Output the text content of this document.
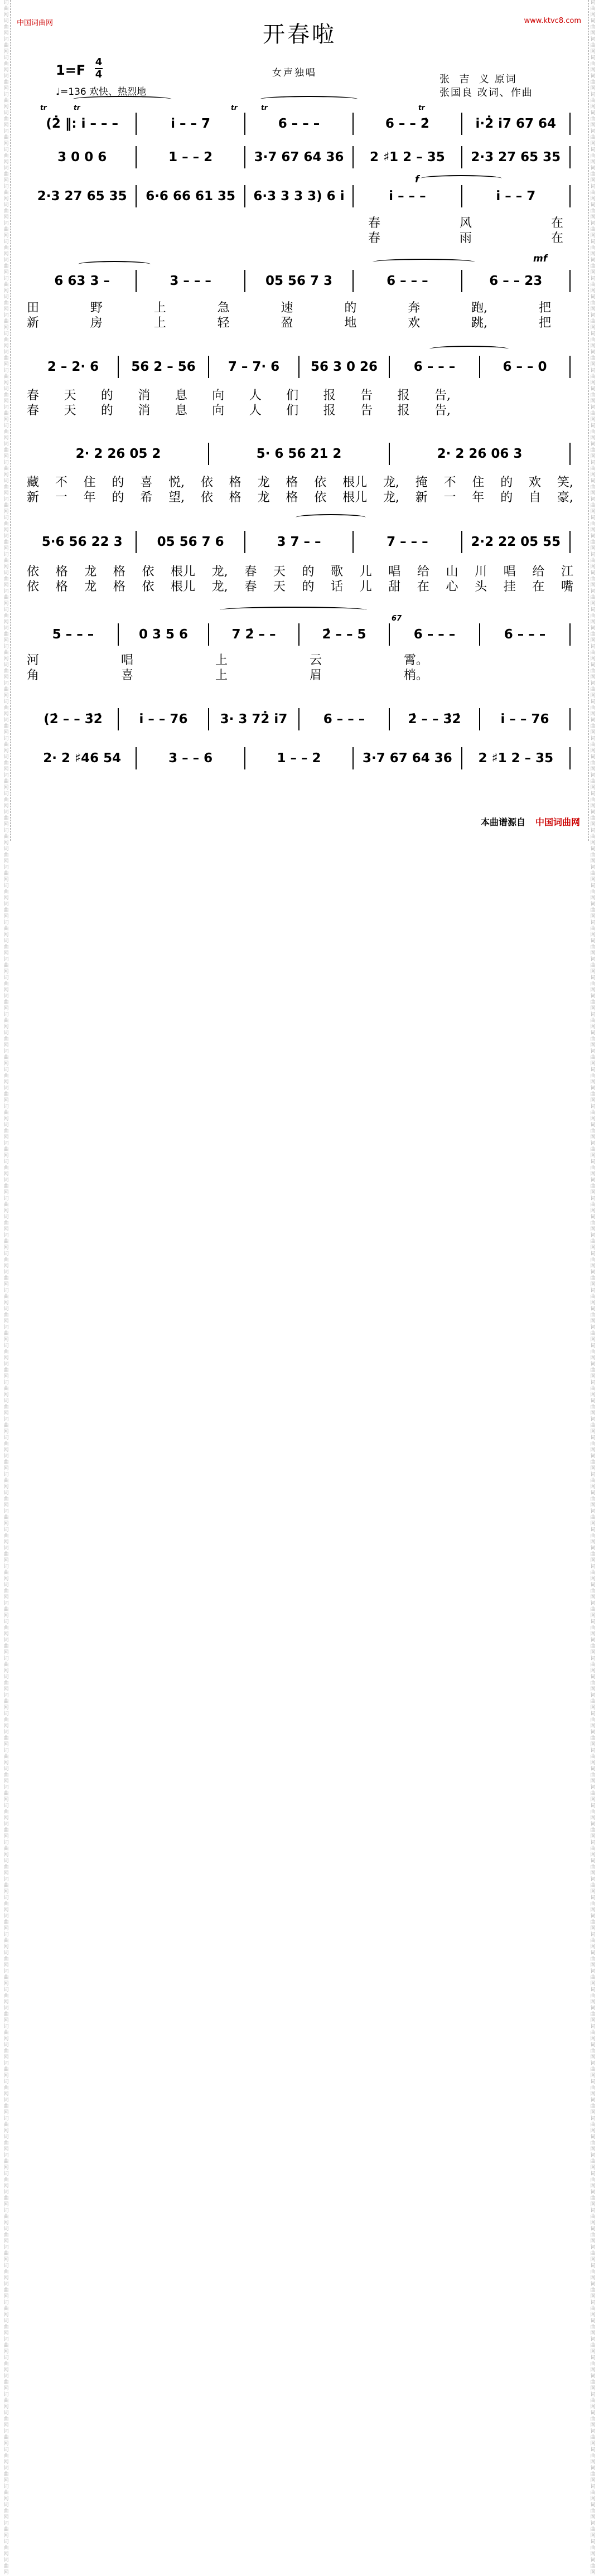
词曲网 词曲网 词曲网 词曲网 词曲网 词曲网 词曲网 词曲网 词曲网 词曲网 词曲网 词曲网 词曲网 词曲网 词曲网 词曲网 词曲网 词曲网 词曲网 词曲网 词曲网 词曲网 词曲网 词曲网 词曲网 词曲网 词曲网 词曲网 词曲网 词曲网 词曲网 词曲网 词曲网 词曲网 词曲网 词曲网 词曲网 词曲网 词曲网 词曲网 词曲网 词曲网 词曲网 词曲网 词曲网 词曲网 词曲网 词曲网 词曲网 词曲网 词曲网 词曲网 词曲网 词曲网 词曲网 词曲网 词曲网 词曲网 词曲网 词曲网 词曲网 词曲网 词曲网 词曲网 词曲网 词曲网 词曲网 词曲网 词曲网 词曲网 词曲网 词曲网 词曲网 词曲网 词曲网 词曲网 词曲网 词曲网 词曲网 词曲网 词曲网 词曲网 词曲网 词曲网 词曲网 词曲网 词曲网 词曲网 词曲网 词曲网 词曲网 词曲网 词曲网 词曲网 词曲网 词曲网 词曲网 词曲网 词曲网 词曲网 词曲网 词曲网 词曲网 词曲网 词曲网 词曲网 词曲网 词曲网 词曲网 词曲网 词曲网 词曲网 词曲网 词曲网 词曲网 词曲网 词曲网 词曲网 词曲网 词曲网 词曲网 词曲网 词曲网 词曲网 词曲网 词曲网 词曲网 词曲网 词曲网 词曲网 词曲网 词曲网 词曲网 词曲网 词曲网 词曲网 词曲网 词曲网 词曲网 词曲网
词曲网 词曲网 词曲网 词曲网 词曲网 词曲网 词曲网 词曲网 词曲网 词曲网 词曲网 词曲网 词曲网 词曲网 词曲网 词曲网 词曲网 词曲网 词曲网 词曲网 词曲网 词曲网 词曲网 词曲网 词曲网 词曲网 词曲网 词曲网 词曲网 词曲网 词曲网 词曲网 词曲网 词曲网 词曲网 词曲网 词曲网 词曲网 词曲网 词曲网 词曲网 词曲网 词曲网 词曲网 词曲网 词曲网 词曲网 词曲网 词曲网 词曲网 词曲网 词曲网 词曲网 词曲网 词曲网 词曲网 词曲网 词曲网 词曲网 词曲网 词曲网 词曲网 词曲网 词曲网 词曲网 词曲网 词曲网 词曲网 词曲网 词曲网 词曲网 词曲网 词曲网 词曲网 词曲网 词曲网 词曲网 词曲网 词曲网 词曲网 词曲网 词曲网 词曲网 词曲网 词曲网 词曲网 词曲网 词曲网 词曲网 词曲网 词曲网 词曲网 词曲网 词曲网 词曲网 词曲网 词曲网 词曲网 词曲网 词曲网 词曲网 词曲网 词曲网 词曲网 词曲网 词曲网 词曲网 词曲网 词曲网 词曲网 词曲网 词曲网 词曲网 词曲网 词曲网 词曲网 词曲网 词曲网 词曲网 词曲网 词曲网 词曲网 词曲网 词曲网 词曲网 词曲网 词曲网 词曲网 词曲网 词曲网 词曲网 词曲网 词曲网 词曲网 词曲网 词曲网 词曲网 词曲网 词曲网 词曲网
中国词曲网	www.ktvc8.com
开春啦
1=F
4
4
♩=136 欢快、热烈地
女声独唱
张  吉  义 原词
张国良 改词、作曲
tr	tr	tr	tr	tr
f
mf
67
(2̇ ‖: i̇ – – –	i̇ – – 7	6 – – –	6 – – 2̇	i̇·2̇ i̇7 67 64
3 0 0 6	1 – – 2	3·7 67 64 36	2 ♯1 2 – 35	2·3 27 65 35
2·3 27 65 35	6·6 66 61 35	6·3 3 3 3) 6 i̇	i̇ – – –	i̇ – – 7
6 63 3 –	3 – – –	05 56 7 3	6 – – –	6 – – 23
2 – 2· 6	56 2 – 56	7 – 7· 6	56 3 0 26	6 – – –	6 – – 0
2· 2 26 05 2	5· 6 56 21 2	2· 2 26 06 3
5·6 56 22 3	05 56 7 6	3 7 – –	7 – – –	2·2 22 05 55
5 – – –	0 3 5 6	7 2̇ – –	2̇ – – 5	6 – – –	6 – – –
(2̇ – – 3̇2̇	i̇ – – 76	3· 3 72̇ i̇7	6 – – –	2̇ – – 3̇2̇	i̇ – – 76
2· 2 ♯46 54	3 – – 6	1 – – 2	3·7 67 64 36	2 ♯1 2 – 35
春	风	在
春	雨	在
田	野	上	急	速	的	奔	跑,	把
新	房	上	轻	盈	地	欢	跳,	把
春 天 的 消 息 向 人 们 报 告 报 告,
春 天 的 消 息 向 人 们 报 告 报 告,
藏 不 住 的 喜 悦, 依 格 龙 格 依 根儿 龙, 掩 不 住 的 欢 笑,
新 一 年 的 希 望, 依 格 龙 格 依 根儿 龙, 新 一 年 的 自 豪,
依 格 龙 格 依 根儿 龙, 春 天 的 歌 儿 唱 给 山 川 唱 给 江
依 格 龙 格 依 根儿 龙, 春 天 的 话 儿 甜 在 心 头 挂 在 嘴
河	唱	上	云	霄。
角	喜	上	眉	梢。
本曲谱源自 中国词曲网
